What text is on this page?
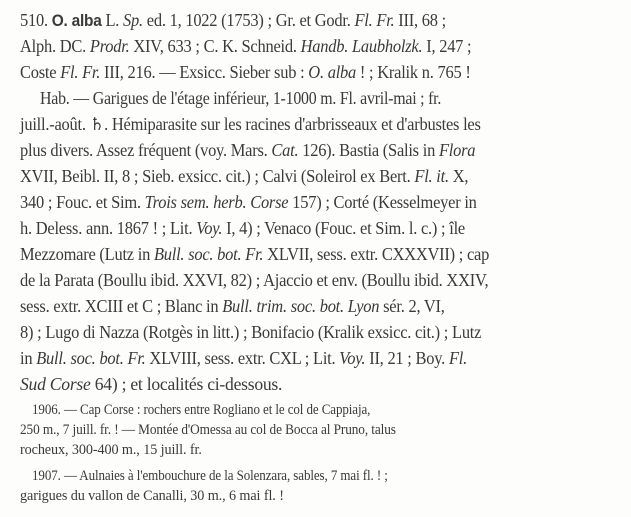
510. O. alba L. Sp. ed. 1, 1022 (1753) ; Gr. et Godr. Fl. Fr. III, 68 ;
Alph. DC. Prodr. XIV, 633 ; C. K. Schneid. Handb. Laubholzk. I, 247 ;
Coste Fl. Fr. III, 216. — Exsicc. Sieber sub : O. alba ! ; Kralik n. 765 !
Hab. — Garigues de l'étage inférieur, 1-1000 m. Fl. avril-mai ; fr.
juill.-août. ♄. Hémiparasite sur les racines d'arbrisseaux et d'arbustes les
plus divers. Assez fréquent (voy. Mars. Cat. 126). Bastia (Salis in Flora
XVII, Beibl. II, 8 ; Sieb. exsicc. cit.) ; Calvi (Soleirol ex Bert. Fl. it. X,
340 ; Fouc. et Sim. Trois sem. herb. Corse 157) ; Corté (Kesselmeyer in
h. Deless. ann. 1867 ! ; Lit. Voy. I, 4) ; Venaco (Fouc. et Sim. l. c.) ; île
Mezzomare (Lutz in Bull. soc. bot. Fr. XLVII, sess. extr. CXXXVII) ; cap
de la Parata (Boullu ibid. XXVI, 82) ; Ajaccio et env. (Boullu ibid. XXIV,
sess. extr. XCIII et C ; Blanc in Bull. trim. soc. bot. Lyon sér. 2, VI,
8) ; Lugo di Nazza (Rotgès in litt.) ; Bonifacio (Kralik exsicc. cit.) ; Lutz
in Bull. soc. bot. Fr. XLVIII, sess. extr. CXL ; Lit. Voy. II, 21 ; Boy. Fl.
Sud Corse 64) ; et localités ci-dessous.
1906. — Cap Corse : rochers entre Rogliano et le col de Cappiaja,
250 m., 7 juill. fr. ! — Montée d'Omessa au col de Bocca al Pruno, talus
rocheux, 300-400 m., 15 juill. fr.
1907. — Aulnaies à l'embouchure de la Solenzara, sables, 7 mai fl. ! ;
garigues du vallon de Canalli, 30 m., 6 mai fl. !
